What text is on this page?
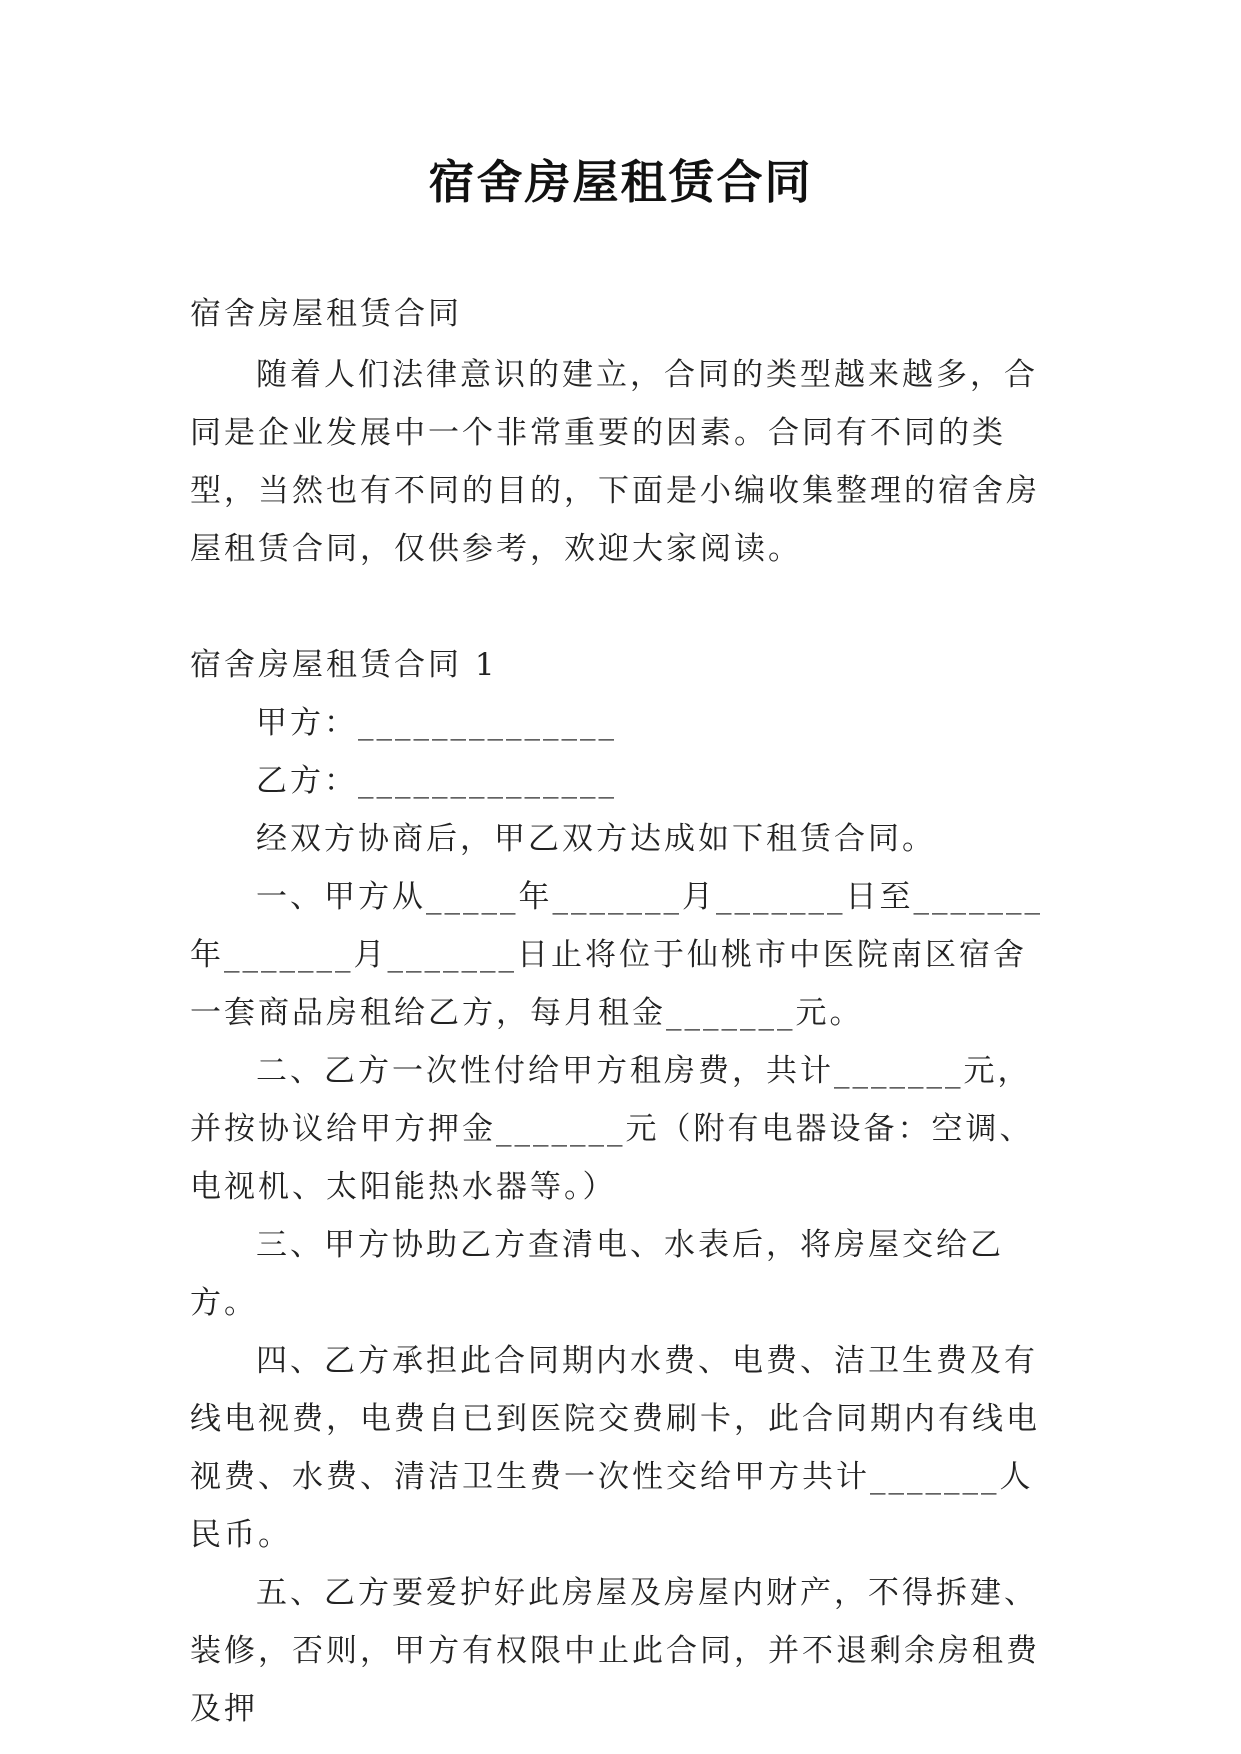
宿舍房屋租赁合同

宿舍房屋租赁合同

随着人们法律意识的建立，合同的类型越来越多，合同是企业发展中一个非常重要的因素。合同有不同的类型，当然也有不同的目的，下面是小编收集整理的宿舍房屋租赁合同，仅供参考，欢迎大家阅读。

宿舍房屋租赁合同 1

甲方：______________

乙方：______________

经双方协商后，甲乙双方达成如下租赁合同。

一、甲方从_____年_______月_______日至_______年_______月_______日止将位于仙桃市中医院南区宿舍一套商品房租给乙方，每月租金_______元。

二、乙方一次性付给甲方租房费，共计_______元，并按协议给甲方押金_______元（附有电器设备：空调、电视机、太阳能热水器等。）

三、甲方协助乙方查清电、水表后，将房屋交给乙方。

四、乙方承担此合同期内水费、电费、洁卫生费及有线电视费，电费自已到医院交费刷卡，此合同期内有线电视费、水费、清洁卫生费一次性交给甲方共计_______人民币。

五、乙方要爱护好此房屋及房屋内财产，不得拆建、装修，否则，甲方有权限中止此合同，并不退剩余房租费及押
